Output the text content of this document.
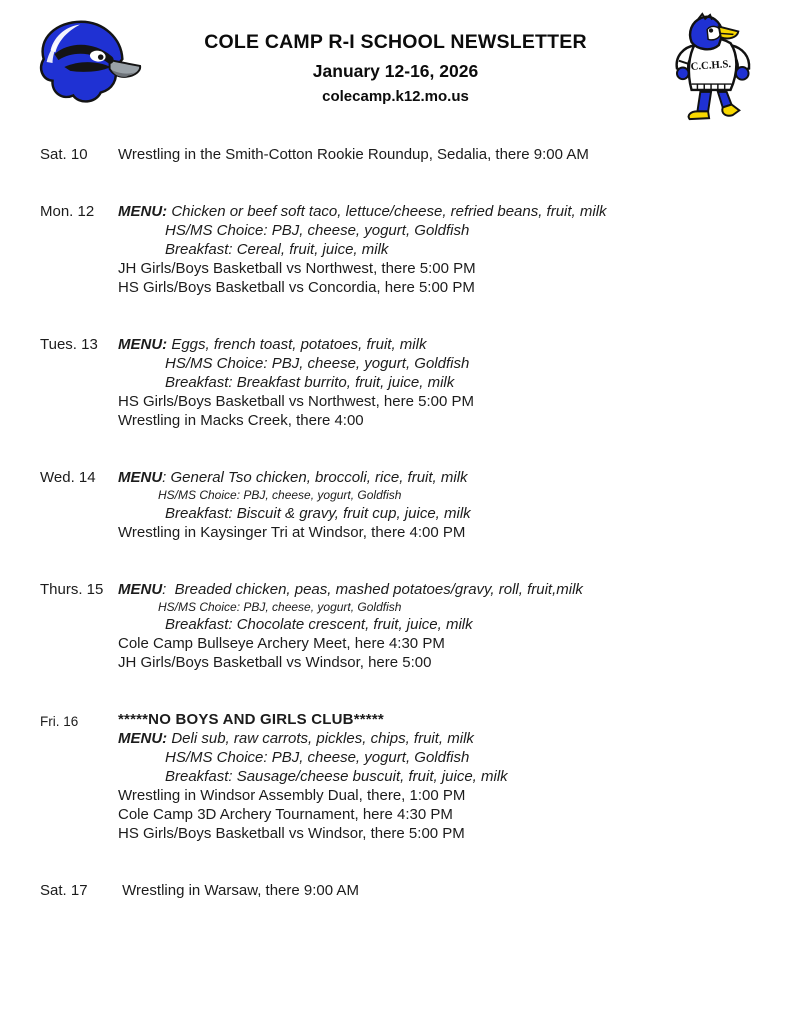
COLE CAMP R-I SCHOOL NEWSLETTER
January 12-16, 2026
colecamp.k12.mo.us
C.C.H.S.
Sat. 10	Wrestling in the Smith-Cotton Rookie Roundup, Sedalia, there 9:00 AM
Mon. 12	MENU: Chicken or beef soft taco, lettuce/cheese, refried beans, fruit, milk
HS/MS Choice: PBJ, cheese, yogurt, Goldfish
Breakfast: Cereal, fruit, juice, milk
JH Girls/Boys Basketball vs Northwest, there 5:00 PM
HS Girls/Boys Basketball vs Concordia, here 5:00 PM
Tues. 13	MENU: Eggs, french toast, potatoes, fruit, milk
HS/MS Choice: PBJ, cheese, yogurt, Goldfish
Breakfast: Breakfast burrito, fruit, juice, milk
HS Girls/Boys Basketball vs Northwest, here 5:00 PM
Wrestling in Macks Creek, there 4:00
Wed. 14	MENU: General Tso chicken, broccoli, rice, fruit, milk
HS/MS Choice: PBJ, cheese, yogurt, Goldfish
Breakfast: Biscuit & gravy, fruit cup, juice, milk
Wrestling in Kaysinger Tri at Windsor, there 4:00 PM
Thurs. 15 MENU:  Breaded chicken, peas, mashed potatoes/gravy, roll, fruit,milk
HS/MS Choice: PBJ, cheese, yogurt, Goldfish
Breakfast: Chocolate crescent, fruit, juice, milk
Cole Camp Bullseye Archery Meet, here 4:30 PM
JH Girls/Boys Basketball vs Windsor, here 5:00
Fri. 16	*****NO BOYS AND GIRLS CLUB*****
MENU: Deli sub, raw carrots, pickles, chips, fruit, milk
HS/MS Choice: PBJ, cheese, yogurt, Goldfish
Breakfast: Sausage/cheese buscuit, fruit, juice, milk
Wrestling in Windsor Assembly Dual, there, 1:00 PM
Cole Camp 3D Archery Tournament, here 4:30 PM
HS Girls/Boys Basketball vs Windsor, there 5:00 PM
Sat. 17	Wrestling in Warsaw, there 9:00 AM
